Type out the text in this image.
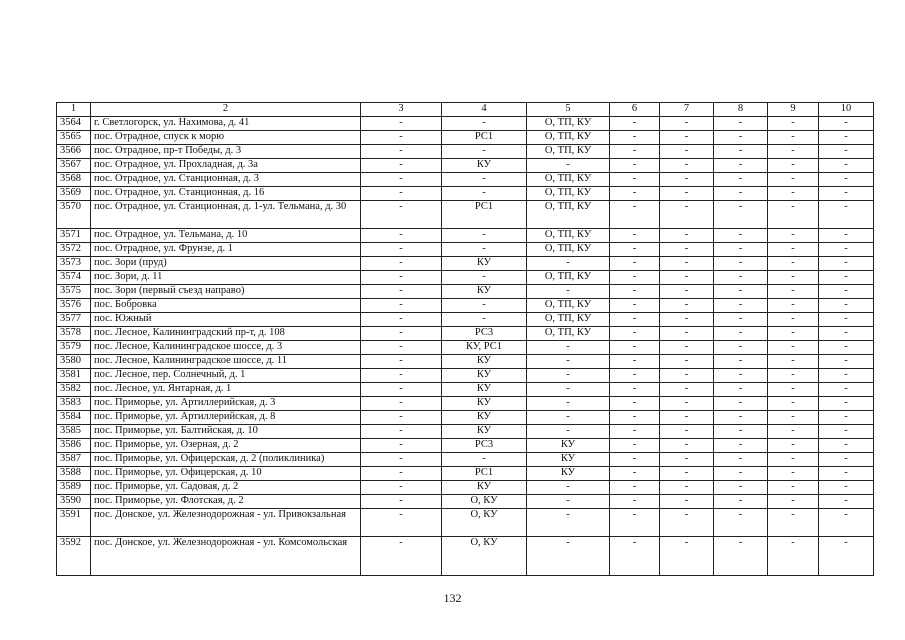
1	2	3	4	5	6	7	8	9	10
3564	г. Светлогорск, ул. Нахимова, д. 41	-	-	О, ТП, КУ	-	-	-	-	-
3565	пос. Отрадное, спуск к морю	-	РС1	О, ТП, КУ	-	-	-	-	-
3566	пос. Отрадное, пр-т Победы, д. 3	-	-	О, ТП, КУ	-	-	-	-	-
3567	пос. Отрадное, ул. Прохладная, д. 3а	-	КУ	-	-	-	-	-	-
3568	пос. Отрадное, ул. Станционная, д. 3	-	-	О, ТП, КУ	-	-	-	-	-
3569	пос. Отрадное, ул. Станционная, д. 16	-	-	О, ТП, КУ	-	-	-	-	-
3570	пос. Отрадное, ул. Станционная, д. 1-ул. Тельмана, д. 30	-	РС1	О, ТП, КУ	-	-	-	-	-
3571	пос. Отрадное, ул. Тельмана, д. 10	-	-	О, ТП, КУ	-	-	-	-	-
3572	пос. Отрадное, ул. Фрунзе, д. 1	-	-	О, ТП, КУ	-	-	-	-	-
3573	пос. Зори (пруд)	-	КУ	-	-	-	-	-	-
3574	пос. Зори, д. 11	-	-	О, ТП, КУ	-	-	-	-	-
3575	пос. Зори (первый съезд направо)	-	КУ	-	-	-	-	-	-
3576	пос. Бобровка	-	-	О, ТП, КУ	-	-	-	-	-
3577	пос. Южный	-	-	О, ТП, КУ	-	-	-	-	-
3578	пос. Лесное, Калининградский пр-т, д. 108	-	РС3	О, ТП, КУ	-	-	-	-	-
3579	пос. Лесное, Калининградское шоссе, д. 3	-	КУ, РС1	-	-	-	-	-	-
3580	пос. Лесное, Калининградское шоссе, д. 11	-	КУ	-	-	-	-	-	-
3581	пос. Лесное, пер. Солнечный, д. 1	-	КУ	-	-	-	-	-	-
3582	пос. Лесное, ул. Янтарная, д. 1	-	КУ	-	-	-	-	-	-
3583	пос. Приморье, ул. Артиллерийская, д. 3	-	КУ	-	-	-	-	-	-
3584	пос. Приморье, ул. Артиллерийская, д. 8	-	КУ	-	-	-	-	-	-
3585	пос. Приморье, ул. Балтийская, д. 10	-	КУ	-	-	-	-	-	-
3586	пос. Приморье, ул. Озерная, д. 2	-	РС3	КУ	-	-	-	-	-
3587	пос. Приморье, ул. Офицерская, д. 2 (поликлиника)	-	-	КУ	-	-	-	-	-
3588	пос. Приморье, ул. Офицерская, д. 10	-	РС1	КУ	-	-	-	-	-
3589	пос. Приморье, ул. Садовая, д. 2	-	КУ	-	-	-	-	-	-
3590	пос. Приморье, ул. Флотская, д. 2	-	О, КУ	-	-	-	-	-	-
3591	пос. Донское, ул. Железнодорожная - ул. Привокзальная	-	О, КУ	-	-	-	-	-	-
3592	пос. Донское, ул. Железнодорожная - ул. Комсомольская	-	О, КУ	-	-	-	-	-	-
132
